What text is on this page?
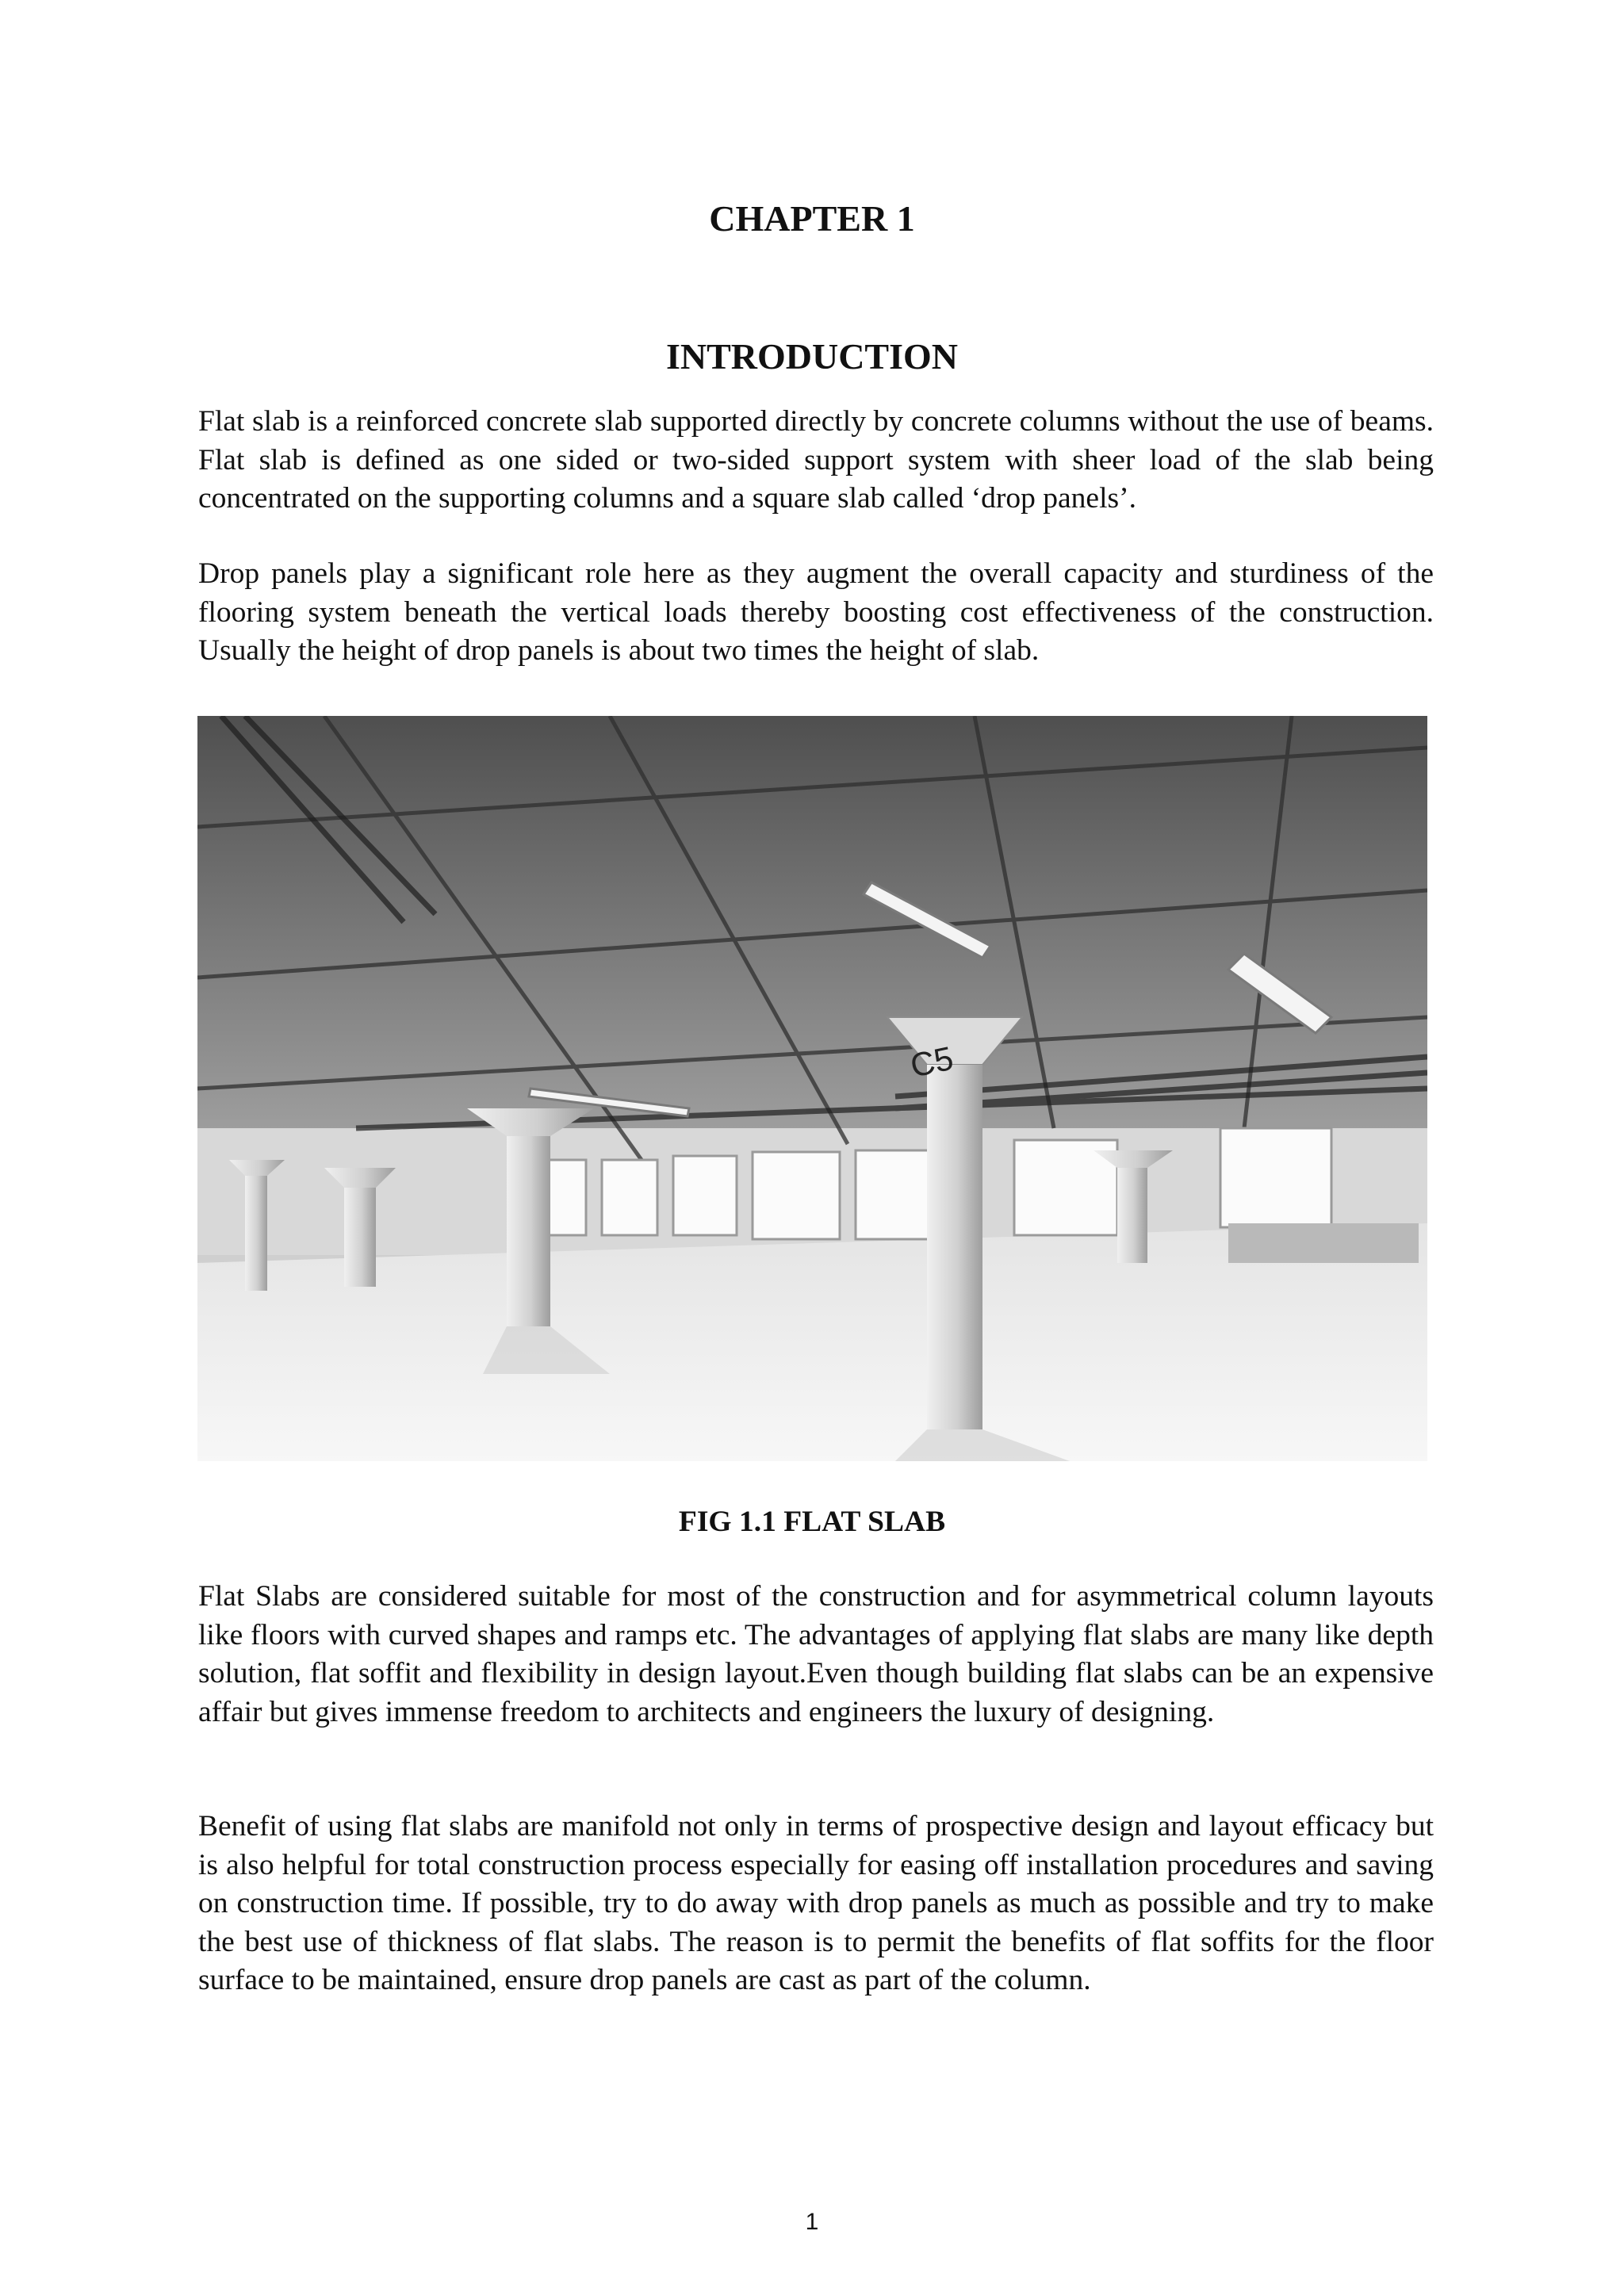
CHAPTER 1
INTRODUCTION

Flat slab is a reinforced concrete slab supported directly by concrete columns without the use of beams. Flat slab is defined as one sided or two-sided support system with sheer load of the slab being concentrated on the supporting columns and a square slab called ‘drop panels’.

Drop panels play a significant role here as they augment the overall capacity and sturdiness of the flooring system beneath the vertical loads thereby boosting cost effectiveness of the construction. Usually the height of drop panels is about two times the height of slab.

C5
FIG 1.1 FLAT SLAB

Flat Slabs are considered suitable for most of the construction and for asymmetrical column layouts like floors with curved shapes and ramps etc. The advantages of applying flat slabs are many like depth solution, flat soffit and flexibility in design layout.Even though building flat slabs can be an expensive affair but gives immense freedom to architects and engineers the luxury of designing.

Benefit of using flat slabs are manifold not only in terms of prospective design and layout efficacy but is also helpful for total construction process especially for easing off installation procedures and saving on construction time. If possible, try to do away with drop panels as much as possible and try to make the best use of thickness of flat slabs. The reason is to permit the benefits of flat soffits for the floor surface to be maintained, ensure drop panels are cast as part of the column.

1
